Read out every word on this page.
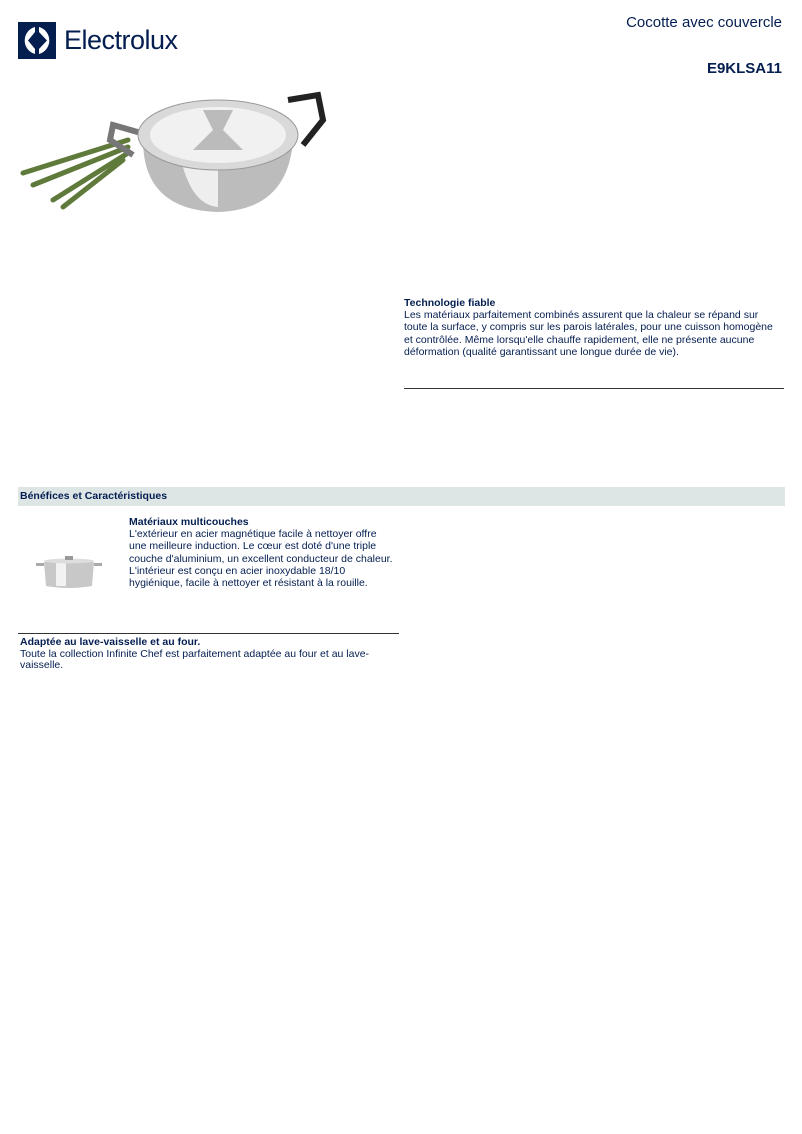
Electrolux
Cocotte avec couvercle
E9KLSA11
Technologie fiable
Les matériaux parfaitement combinés assurent que la chaleur se répand sur toute la surface, y compris sur les parois latérales, pour une cuisson homogène et contrôlée. Même lorsqu'elle chauffe rapidement, elle ne présente aucune déformation (qualité garantissant une longue durée de vie).
Bénéfices et Caractéristiques
Matériaux multicouches
L'extérieur en acier magnétique facile à nettoyer offre une meilleure induction. Le cœur est doté d'une triple couche d'aluminium, un excellent conducteur de chaleur. L'intérieur est conçu en acier inoxydable 18/10 hygiénique, facile à nettoyer et résistant à la rouille.
Adaptée au lave-vaisselle et au four.
Toute la collection Infinite Chef est parfaitement adaptée au four et au lave-vaisselle.
